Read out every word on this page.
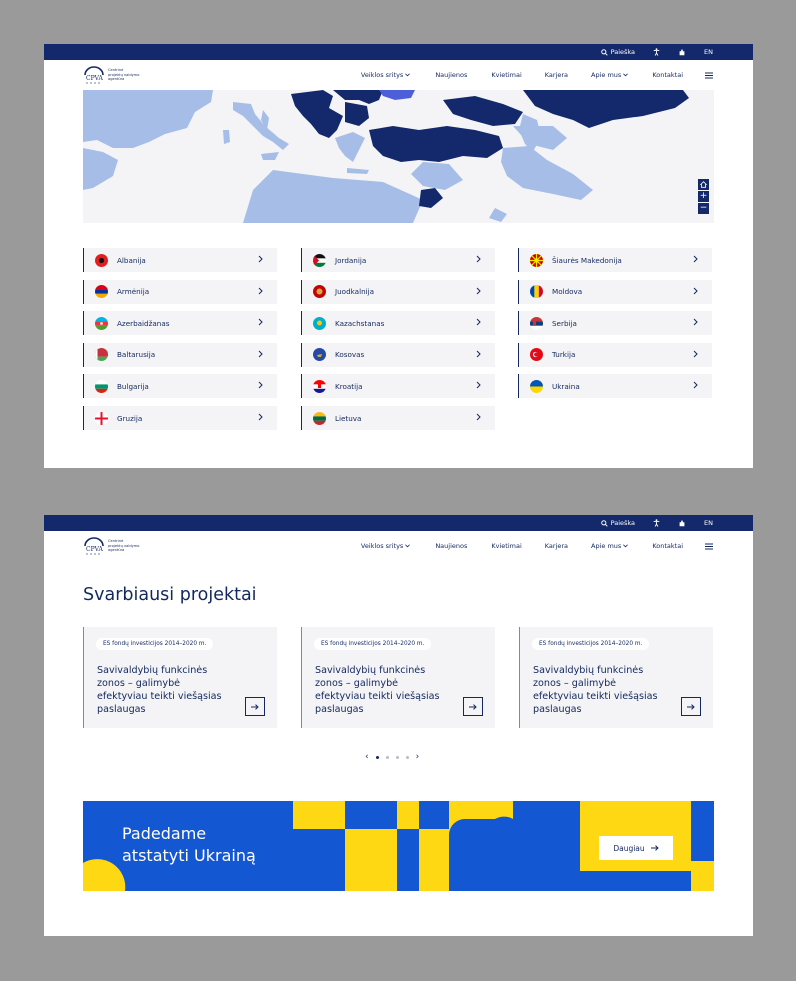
Paieška	EN
CPVA
Centrinė
projektų valdymo
agentūra
Veiklos sritys	Naujienos	Kvietimai	Karjera	Apie mus	Kontaktai
+
−
Albanija
Armėnija
Azerbaidžanas
Baltarusija
Bulgarija
Gruzija
Jordanija
Juodkalnija
Kazachstanas
Kosovas
Kroatija
Lietuva
Šiaurės Makedonija
Moldova
Serbija
Turkija
Ukraina
Paieška	EN
CPVA
Centrinė
projektų valdymo
agentūra
Veiklos sritys	Naujienos	Kvietimai	Karjera	Apie mus	Kontaktai
Svarbiausi projektai
ES fondų investicijos 2014–2020 m.
Savivaldybių funkcinės zonos – galimybė efektyviau teikti viešąsias paslaugas
ES fondų investicijos 2014–2020 m.
Savivaldybių funkcinės zonos – galimybė efektyviau teikti viešąsias paslaugas
ES fondų investicijos 2014–2020 m.
Savivaldybių funkcinės zonos – galimybė efektyviau teikti viešąsias paslaugas
‹	›
Padedame
atstatyti Ukrainą	Daugiau
